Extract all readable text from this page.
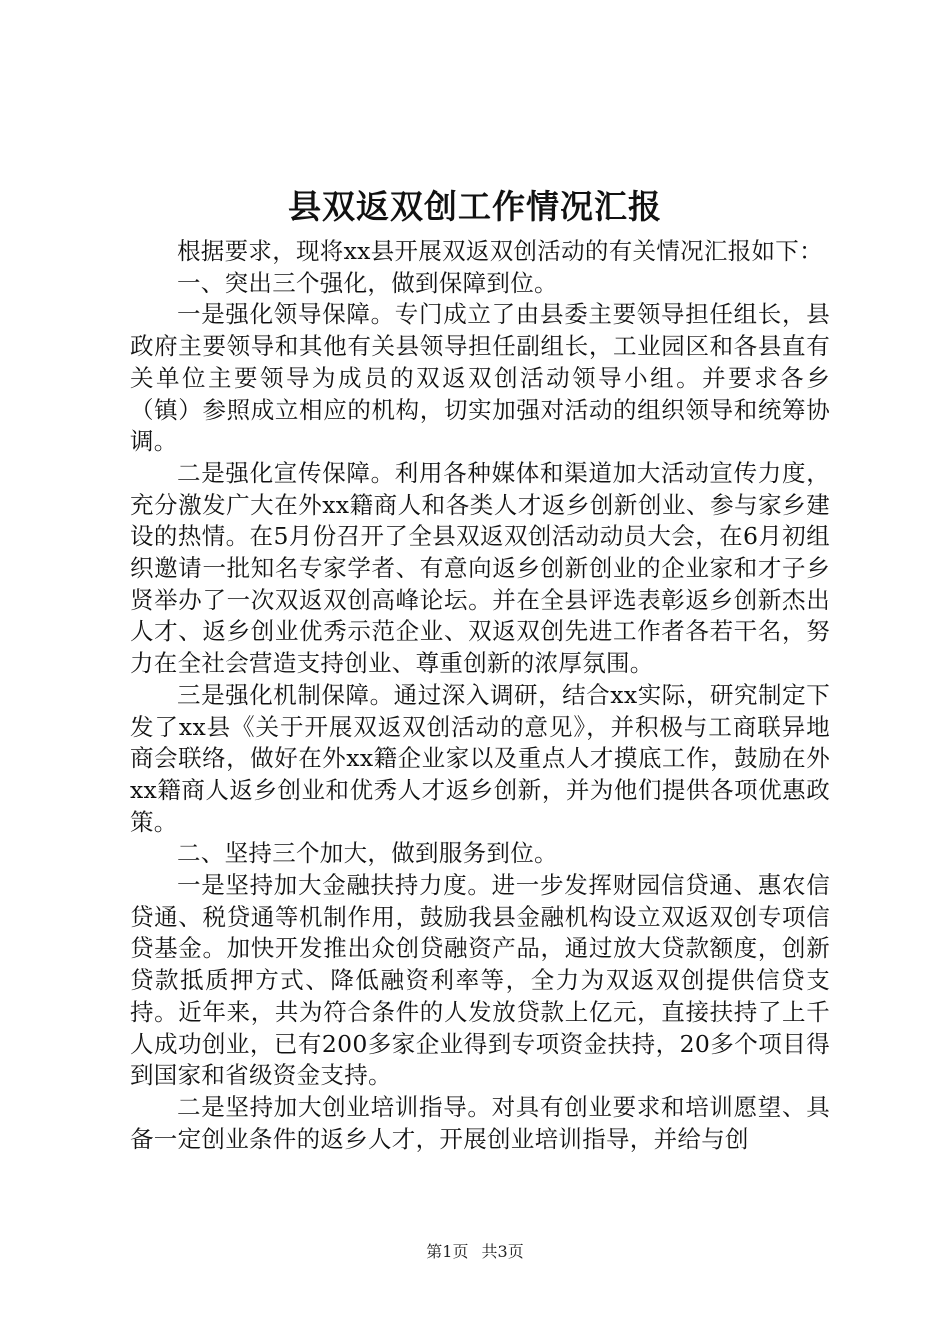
县双返双创工作情况汇报

根据要求，现将xx县开展双返双创活动的有关情况汇报如下：

一、突出三个强化，做到保障到位。

一是强化领导保障。专门成立了由县委主要领导担任组长，县政府主要领导和其他有关县领导担任副组长，工业园区和各县直有关单位主要领导为成员的双返双创活动领导小组。并要求各乡（镇）参照成立相应的机构，切实加强对活动的组织领导和统筹协调。

二是强化宣传保障。利用各种媒体和渠道加大活动宣传力度，充分激发广大在外xx籍商人和各类人才返乡创新创业、参与家乡建设的热情。在5月份召开了全县双返双创活动动员大会，在6月初组织邀请一批知名专家学者、有意向返乡创新创业的企业家和才子乡贤举办了一次双返双创高峰论坛。并在全县评选表彰返乡创新杰出人才、返乡创业优秀示范企业、双返双创先进工作者各若干名，努力在全社会营造支持创业、尊重创新的浓厚氛围。

三是强化机制保障。通过深入调研，结合xx实际，研究制定下发了xx县《关于开展双返双创活动的意见》，并积极与工商联异地商会联络，做好在外xx籍企业家以及重点人才摸底工作，鼓励在外xx籍商人返乡创业和优秀人才返乡创新，并为他们提供各项优惠政策。

二、坚持三个加大，做到服务到位。

一是坚持加大金融扶持力度。进一步发挥财园信贷通、惠农信贷通、税贷通等机制作用，鼓励我县金融机构设立双返双创专项信贷基金。加快开发推出众创贷融资产品，通过放大贷款额度，创新贷款抵质押方式、降低融资利率等，全力为双返双创提供信贷支持。近年来，共为符合条件的人发放贷款上亿元，直接扶持了上千人成功创业，已有200多家企业得到专项资金扶持，20多个项目得到国家和省级资金支持。

二是坚持加大创业培训指导。对具有创业要求和培训愿望、具备一定创业条件的返乡人才，开展创业培训指导，并给与创

第1页 共3页
